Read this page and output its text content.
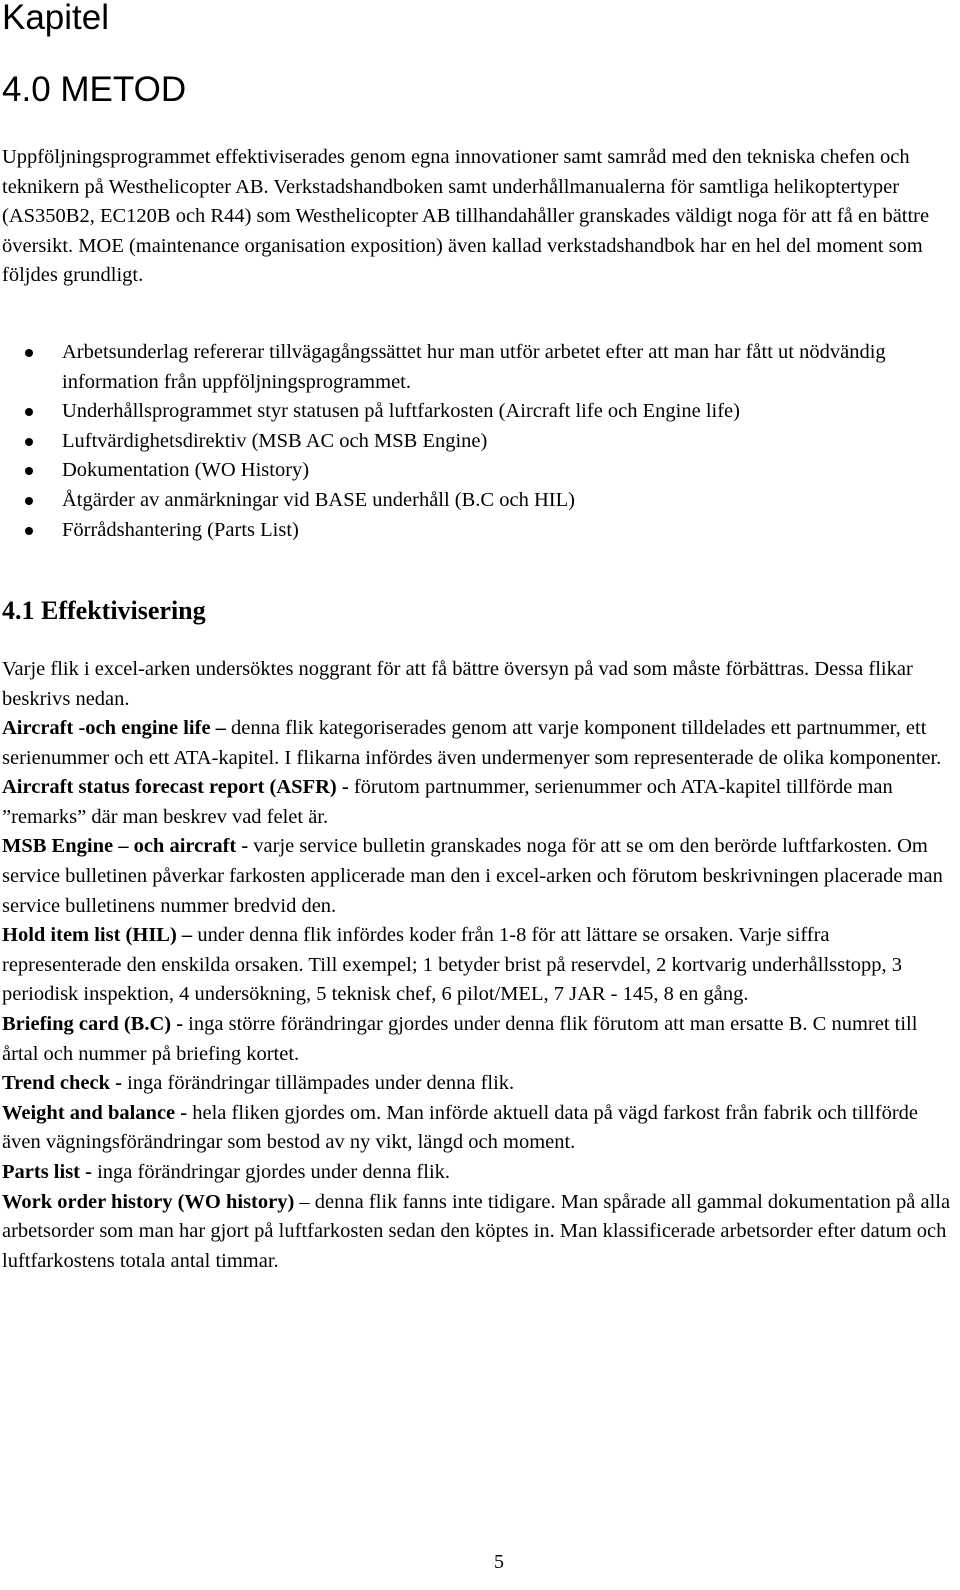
Kapitel
4.0 METOD

Uppföljningsprogrammet effektiviserades genom egna innovationer samt samråd med den tekniska chefen och teknikern på Westhelicopter AB. Verkstadshandboken samt underhållmanualerna för samtliga helikoptertyper (AS350B2, EC120B och R44) som Westhelicopter AB tillhandahåller granskades väldigt noga för att få en bättre översikt. MOE (maintenance organisation exposition) även kallad verkstadshandbok har en hel del moment som följdes grundligt.

Arbetsunderlag refererar tillvägagångssättet hur man utför arbetet efter att man har fått ut nödvändig information från uppföljningsprogrammet.
Underhållsprogrammet styr statusen på luftfarkosten (Aircraft life och Engine life)
Luftvärdighetsdirektiv (MSB AC och MSB Engine)
Dokumentation (WO History)
Åtgärder av anmärkningar vid BASE underhåll (B.C och HIL)
Förrådshantering (Parts List)
4.1 Effektivisering

Varje flik i excel-arken undersöktes noggrant för att få bättre översyn på vad som måste förbättras. Dessa flikar beskrivs nedan.

Aircraft -och engine life – denna flik kategoriserades genom att varje komponent tilldelades ett partnummer, ett serienummer och ett ATA-kapitel. I flikarna infördes även undermenyer som representerade de olika komponenter.

Aircraft status forecast report (ASFR) - förutom partnummer, serienummer och ATA-kapitel tillförde man ”remarks” där man beskrev vad felet är.

MSB Engine – och aircraft - varje service bulletin granskades noga för att se om den berörde luftfarkosten. Om service bulletinen påverkar farkosten applicerade man den i excel-arken och förutom beskrivningen placerade man service bulletinens nummer bredvid den.

Hold item list (HIL) – under denna flik infördes koder från 1-8 för att lättare se orsaken. Varje siffra representerade den enskilda orsaken. Till exempel; 1 betyder brist på reservdel, 2 kortvarig underhållsstopp, 3 periodisk inspektion, 4 undersökning, 5 teknisk chef, 6 pilot/MEL, 7 JAR - 145, 8 en gång.

Briefing card (B.C) - inga större förändringar gjordes under denna flik förutom att man ersatte B. C numret till årtal och nummer på briefing kortet.

Trend check - inga förändringar tillämpades under denna flik.

Weight and balance - hela fliken gjordes om. Man införde aktuell data på vägd farkost från fabrik och tillförde även vägningsförändringar som bestod av ny vikt, längd och moment.

Parts list - inga förändringar gjordes under denna flik.

Work order history (WO history) – denna flik fanns inte tidigare. Man spårade all gammal dokumentation på alla arbetsorder som man har gjort på luftfarkosten sedan den köptes in. Man klassificerade arbetsorder efter datum och luftfarkostens totala antal timmar.

5
